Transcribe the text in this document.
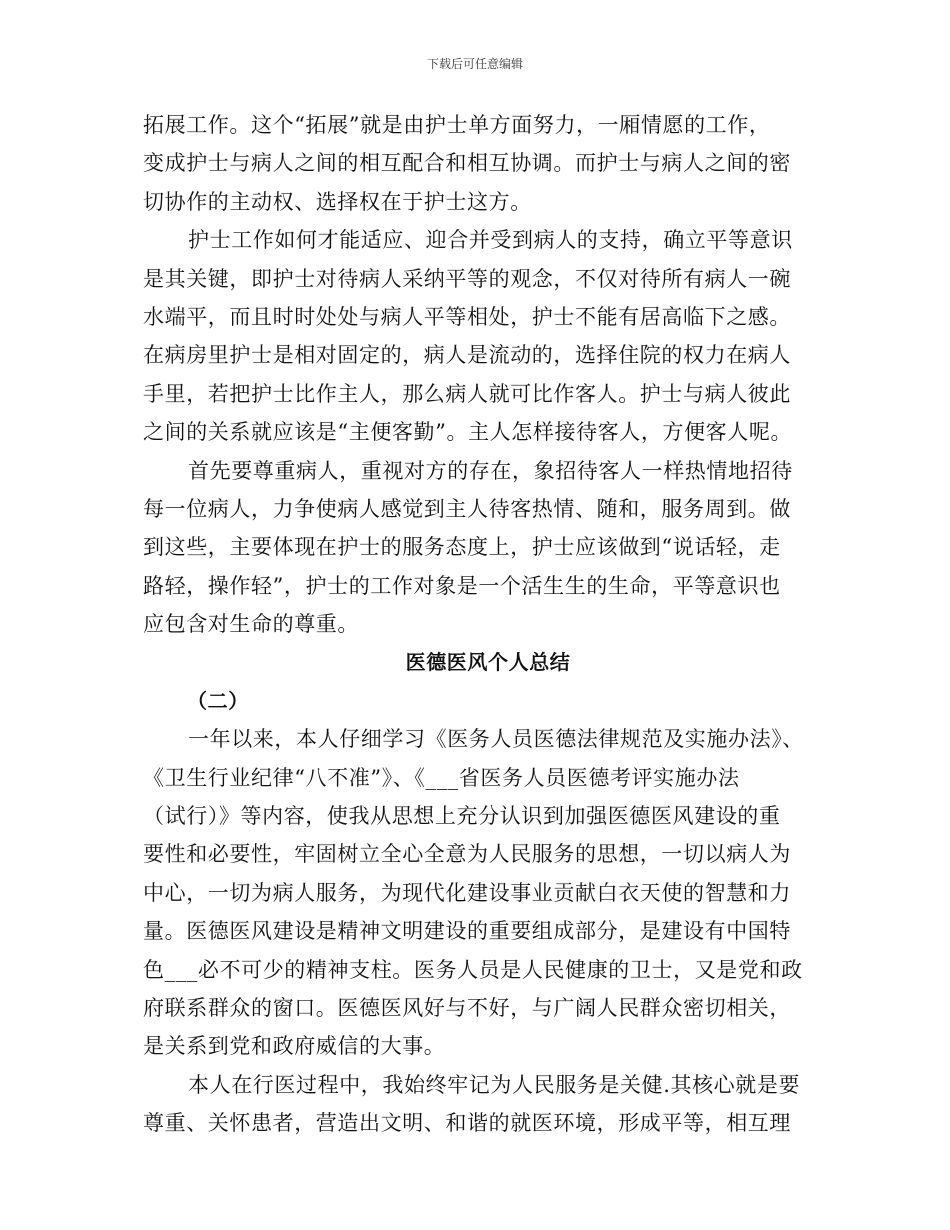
下载后可任意编辑
拓展工作。这个“拓展”就是由护士单方面努力，一厢情愿的工作，
变成护士与病人之间的相互配合和相互协调。而护士与病人之间的密
切协作的主动权、选择权在于护士这方。
护士工作如何才能适应、迎合并受到病人的支持，确立平等意识
是其关键，即护士对待病人采纳平等的观念，不仅对待所有病人一碗
水端平，而且时时处处与病人平等相处，护士不能有居高临下之感。
在病房里护士是相对固定的，病人是流动的，选择住院的权力在病人
手里，若把护士比作主人，那么病人就可比作客人。护士与病人彼此
之间的关系就应该是“主便客勤”。主人怎样接待客人，方便客人呢。
首先要尊重病人，重视对方的存在，象招待客人一样热情地招待
每一位病人，力争使病人感觉到主人待客热情、随和，服务周到。做
到这些，主要体现在护士的服务态度上，护士应该做到“说话轻，走
路轻，操作轻”，护士的工作对象是一个活生生的生命，平等意识也
应包含对生命的尊重。
医德医风个人总结
（二）
一年以来，本人仔细学习《医务人员医德法律规范及实施办法》、
《卫生行业纪律“八不准”》、《___省医务人员医德考评实施办法
（试行）》等内容，使我从思想上充分认识到加强医德医风建设的重
要性和必要性，牢固树立全心全意为人民服务的思想，一切以病人为
中心，一切为病人服务，为现代化建设事业贡献白衣天使的智慧和力
量。医德医风建设是精神文明建设的重要组成部分，是建设有中国特
色___必不可少的精神支柱。医务人员是人民健康的卫士，又是党和政
府联系群众的窗口。医德医风好与不好，与广阔人民群众密切相关，
是关系到党和政府威信的大事。
本人在行医过程中，我始终牢记为人民服务是关健.其核心就是要
尊重、关怀患者，营造出文明、和谐的就医环境，形成平等，相互理
